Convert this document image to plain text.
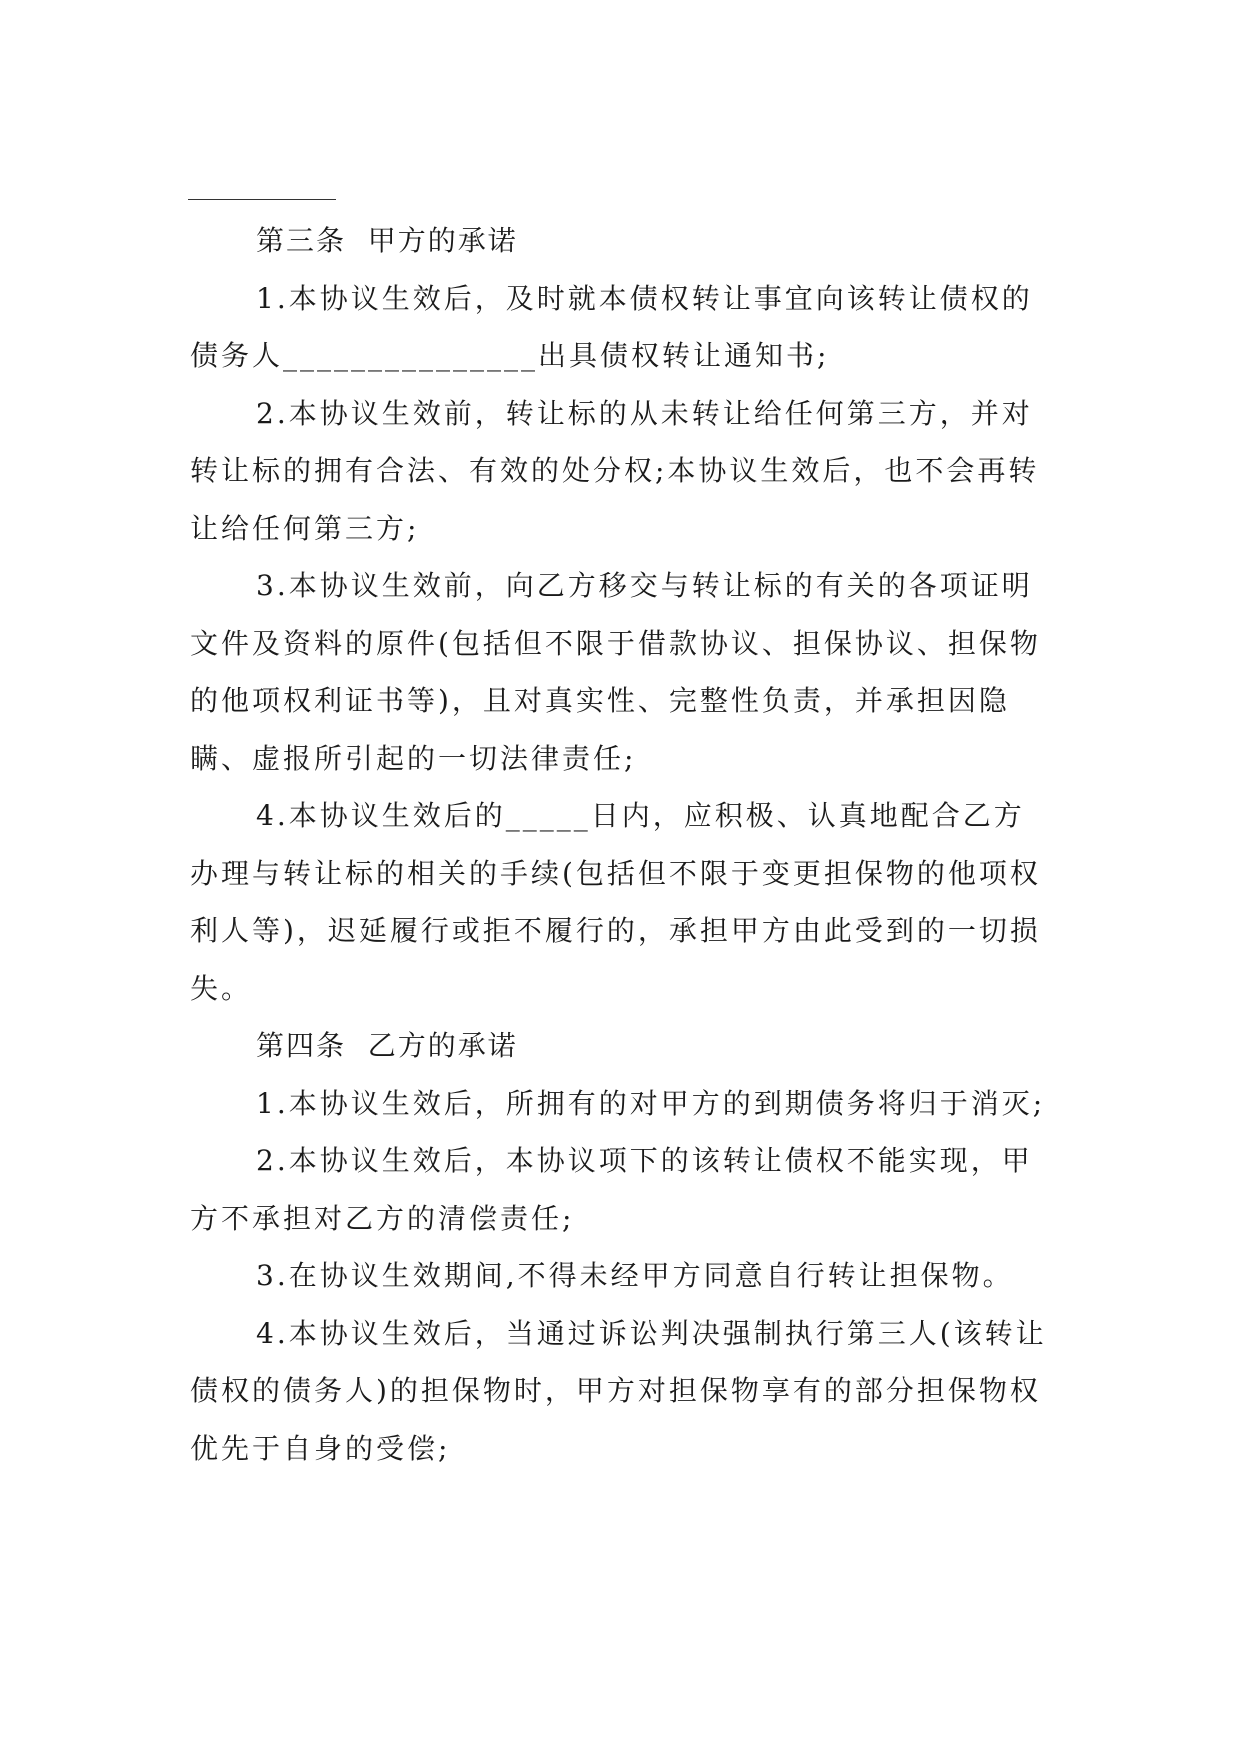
第三条  甲方的承诺

1.本协议生效后，及时就本债权转让事宜向该转让债权的债务人_______________出具债权转让通知书;

2.本协议生效前，转让标的从未转让给任何第三方，并对转让标的拥有合法、有效的处分权;本协议生效后，也不会再转让给任何第三方;

3.本协议生效前，向乙方移交与转让标的有关的各项证明文件及资料的原件(包括但不限于借款协议、担保协议、担保物的他项权利证书等)，且对真实性、完整性负责，并承担因隐瞒、虚报所引起的一切法律责任;

4.本协议生效后的_____日内，应积极、认真地配合乙方办理与转让标的相关的手续(包括但不限于变更担保物的他项权利人等)，迟延履行或拒不履行的，承担甲方由此受到的一切损失。

第四条  乙方的承诺

1.本协议生效后，所拥有的对甲方的到期债务将归于消灭;

2.本协议生效后，本协议项下的该转让债权不能实现，甲方不承担对乙方的清偿责任;

3.在协议生效期间,不得未经甲方同意自行转让担保物。

4.本协议生效后，当通过诉讼判决强制执行第三人(该转让债权的债务人)的担保物时，甲方对担保物享有的部分担保物权优先于自身的受偿;
